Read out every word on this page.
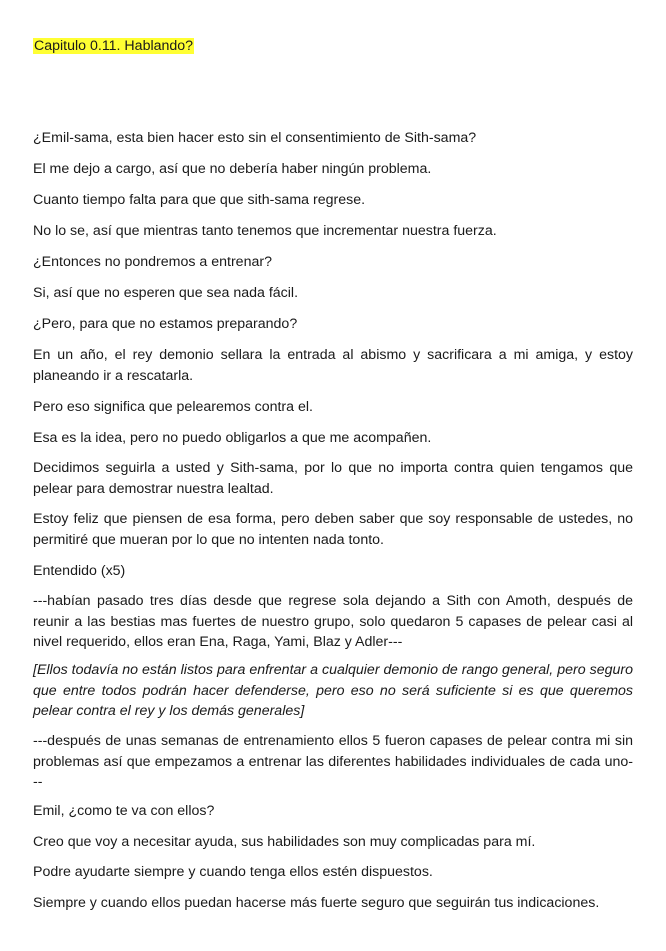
Capitulo 0.11. Hablando?

¿Emil-sama, esta bien hacer esto sin el consentimiento de Sith-sama?

El me dejo a cargo, así que no debería haber ningún problema.

Cuanto tiempo falta para que que sith-sama regrese.

No lo se, así que mientras tanto tenemos que incrementar nuestra fuerza.

¿Entonces no pondremos a entrenar?

Si, así que no esperen que sea nada fácil.

¿Pero, para que no estamos preparando?

En un año, el rey demonio sellara la entrada al abismo y sacrificara a mi amiga, y estoy planeando ir a rescatarla.

Pero eso significa que pelearemos contra el.

Esa es la idea, pero no puedo obligarlos a que me acompañen.

Decidimos seguirla a usted y Sith-sama, por lo que no importa contra quien tengamos que pelear para demostrar nuestra lealtad.

Estoy feliz que piensen de esa forma, pero deben saber que soy responsable de ustedes, no permitiré que mueran por lo que no intenten nada tonto.

Entendido (x5)

---habían pasado tres días desde que regrese sola dejando a Sith con Amoth, después de reunir a las bestias mas fuertes de nuestro grupo, solo quedaron 5 capases de pelear casi al nivel requerido, ellos eran Ena, Raga, Yami, Blaz y Adler---

[Ellos todavía no están listos para enfrentar a cualquier demonio de rango general, pero seguro que entre todos podrán hacer defenderse, pero eso no será suficiente si es que queremos pelear contra el rey y los demás generales]

---después de unas semanas de entrenamiento ellos 5 fueron capases de pelear contra mi sin problemas así que empezamos a entrenar las diferentes habilidades individuales de cada uno---

Emil, ¿como te va con ellos?

Creo que voy a necesitar ayuda, sus habilidades son muy complicadas para mí.

Podre ayudarte siempre y cuando tenga ellos estén dispuestos.

Siempre y cuando ellos puedan hacerse más fuerte seguro que seguirán tus indicaciones.
